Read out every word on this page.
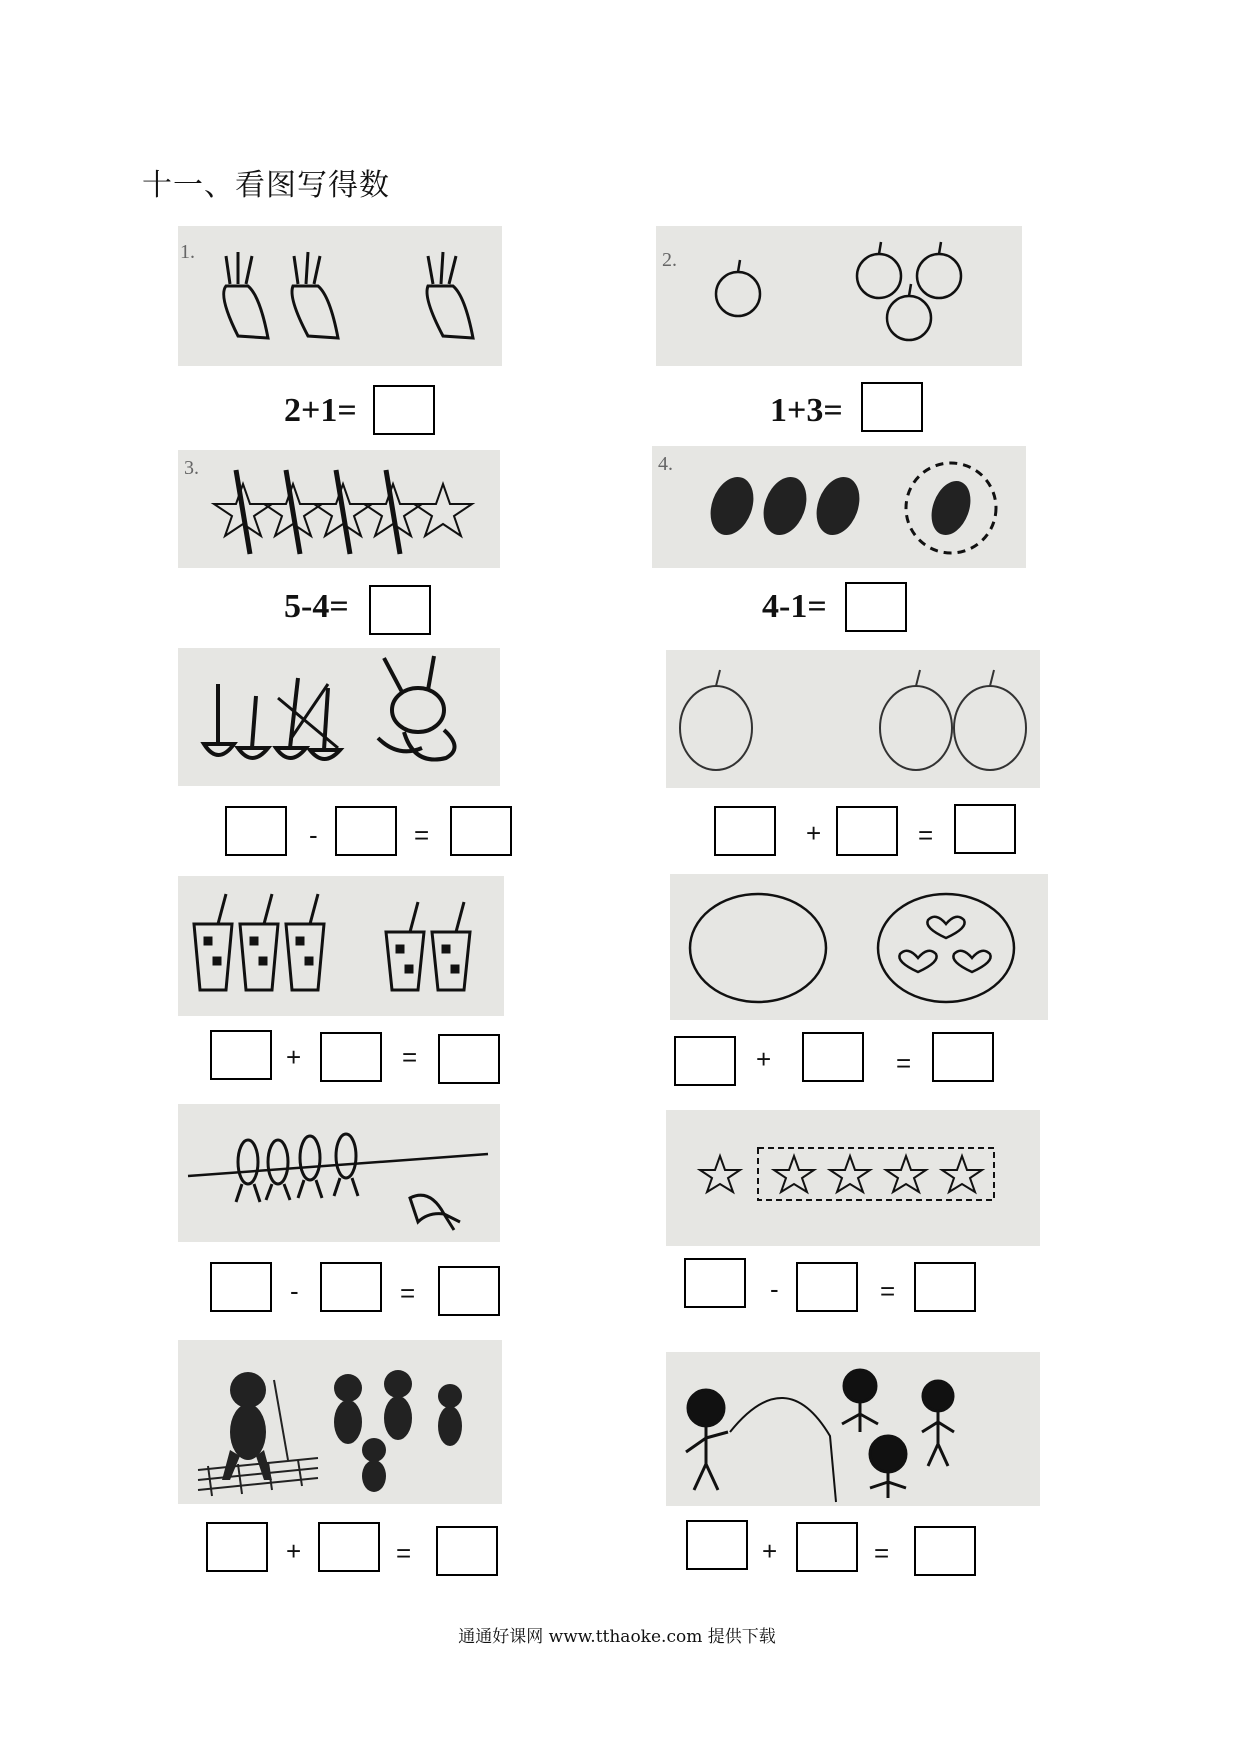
十一、看图写得数
1.
2+1=
2.
1+3=
3.
5-4=
4.
4-1=
-	=	+	=
+	=	+	=
-	=	-	=
+	=	+	=
通通好课网 www.tthaoke.com 提供下载
